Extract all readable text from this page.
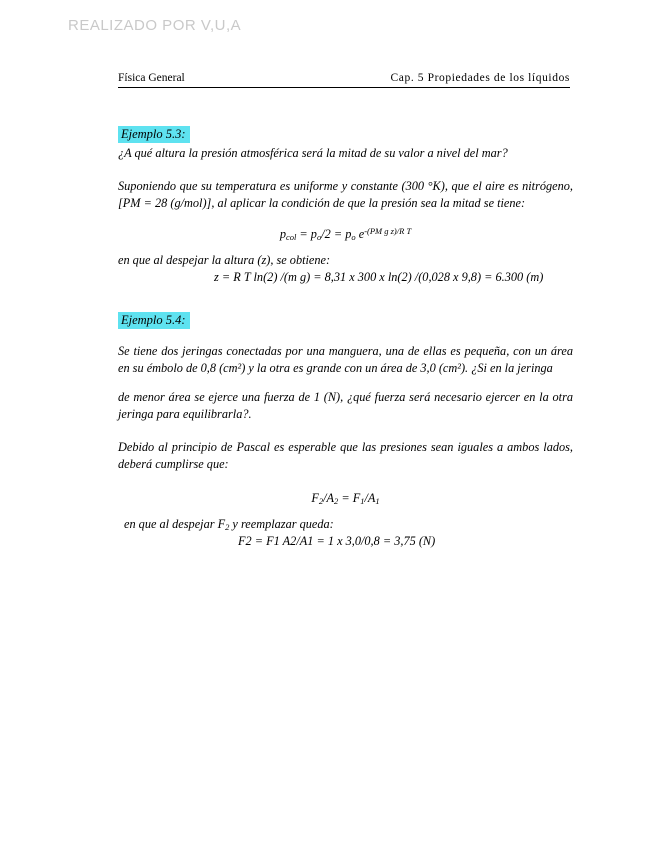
REALIZADO POR V,U,A
Física General	Cap. 5 Propiedades de los líquidos
Ejemplo 5.3:
¿A qué altura la presión atmosférica será la mitad de su valor a nivel del mar?
Suponiendo que su temperatura es uniforme y constante (300 °K), que el aire es nitrógeno, [PM = 28 (g/mol)], al aplicar la condición de que la presión sea la mitad se tiene:
$p_{col} = p_o/2 = p_o$ $e^{-(PM g z)/R T}$
en que al despejar la altura (z), se obtiene:
z = R T ln(2) /(m g) = 8,31 x 300 x ln(2) /(0,028 x 9,8) = 6.300 (m)
Ejemplo 5.4:
Se tiene dos jeringas conectadas por una manguera, una de ellas es pequeña, con un área en su émbolo de 0,8 (cm²) y la otra es grande con un área de 3,0 (cm²). ¿Si en la jeringa
de menor área se ejerce una fuerza de 1 (N), ¿qué fuerza será necesario ejercer en la otra jeringa para equilibrarla?.
Debido al principio de Pascal es esperable que las presiones sean iguales a ambos lados, deberá cumplirse que:
$F_2/A_2 = F_1/A_1$
en que al despejar F2 y reemplazar queda:
F2 = F1 A2/A1 = 1 x 3,0/0,8 = 3,75 (N)
